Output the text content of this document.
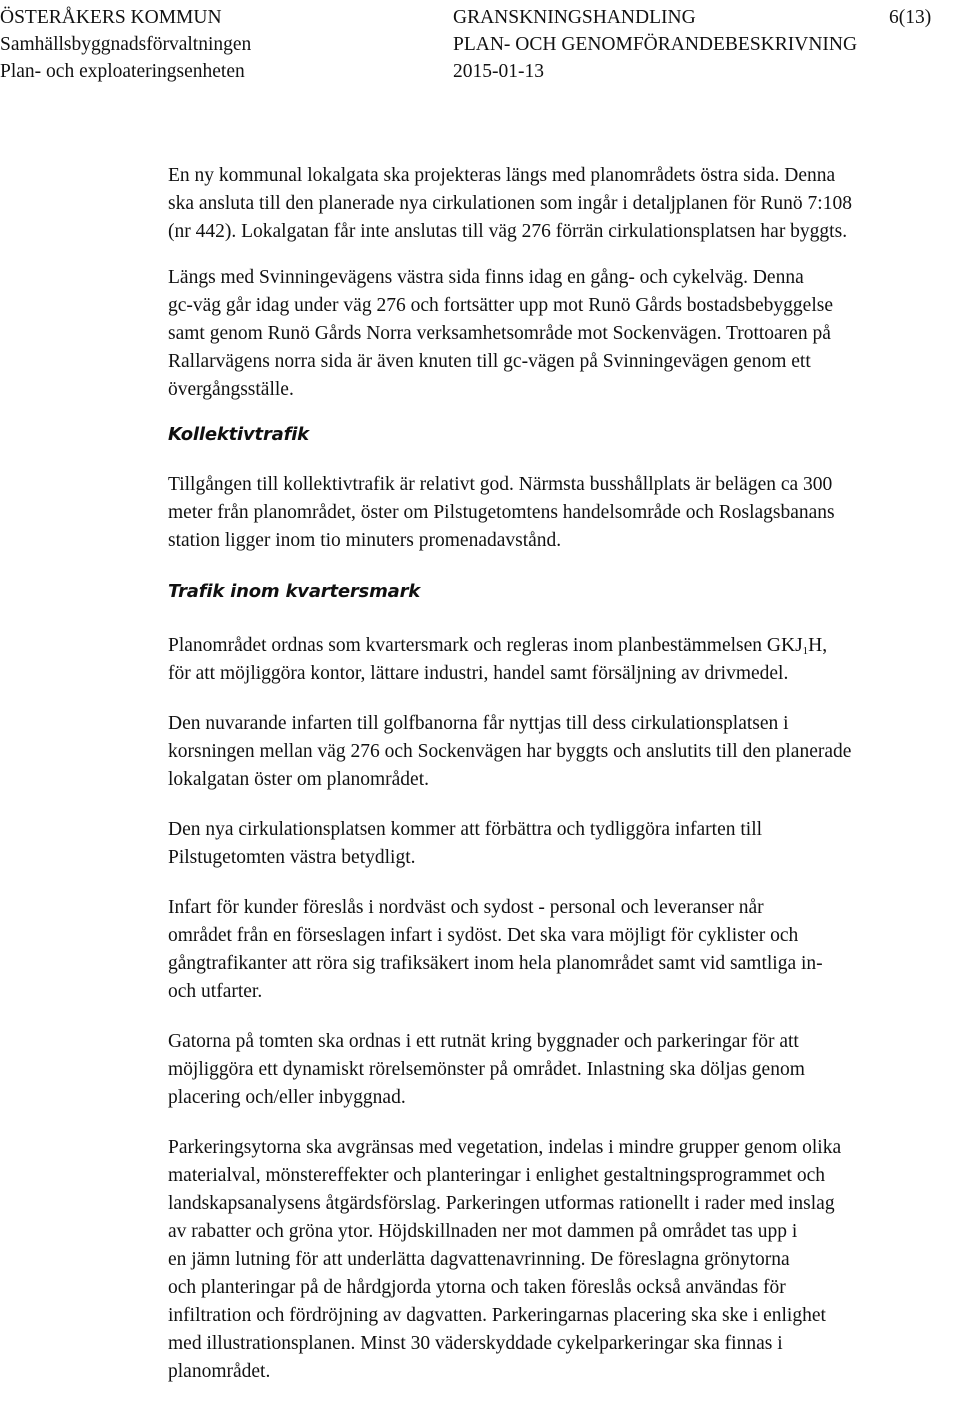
ÖSTERÅKERS KOMMUN
Samhällsbyggnadsförvaltningen
Plan- och exploateringsenheten
GRANSKNINGSHANDLING
PLAN- OCH GENOMFÖRANDEBESKRIVNING
2015-01-13
6(13)

En ny kommunal lokalgata ska projekteras längs med planområdets östra sida. Denna
ska ansluta till den planerade nya cirkulationen som ingår i detaljplanen för Runö 7:108
(nr 442). Lokalgatan får inte anslutas till väg 276 förrän cirkulationsplatsen har byggts.

Längs med Svinningevägens västra sida finns idag en gång- och cykelväg. Denna
gc-väg går idag under väg 276 och fortsätter upp mot Runö Gårds bostadsbebyggelse
samt genom Runö Gårds Norra verksamhetsområde mot Sockenvägen. Trottoaren på
Rallarvägens norra sida är även knuten till gc-vägen på Svinningevägen genom ett
övergångsställe.

Kollektivtrafik

Tillgången till kollektivtrafik är relativt god. Närmsta busshållplats är belägen ca 300
meter från planområdet, öster om Pilstugetomtens handelsområde och Roslagsbanans
station ligger inom tio minuters promenadavstånd.

Trafik inom kvartersmark

Planområdet ordnas som kvartersmark och regleras inom planbestämmelsen $GKJ_1H$,
för att möjliggöra kontor, lättare industri, handel samt försäljning av drivmedel.

Den nuvarande infarten till golfbanorna får nyttjas till dess cirkulationsplatsen i
korsningen mellan väg 276 och Sockenvägen har byggts och anslutits till den planerade
lokalgatan öster om planområdet.

Den nya cirkulationsplatsen kommer att förbättra och tydliggöra infarten till
Pilstugetomten västra betydligt.

Infart för kunder föreslås i nordväst och sydost - personal och leveranser når
området från en förseslagen infart i sydöst. Det ska vara möjligt för cyklister och
gångtrafikanter att röra sig trafiksäkert inom hela planområdet samt vid samtliga in-
och utfarter.

Gatorna på tomten ska ordnas i ett rutnät kring byggnader och parkeringar för att
möjliggöra ett dynamiskt rörelsemönster på området. Inlastning ska döljas genom
placering och/eller inbyggnad.

Parkeringsytorna ska avgränsas med vegetation, indelas i mindre grupper genom olika
materialval, mönstereffekter och planteringar i enlighet gestaltningsprogrammet och
landskapsanalysens åtgärdsförslag. Parkeringen utformas rationellt i rader med inslag
av rabatter och gröna ytor. Höjdskillnaden ner mot dammen på området tas upp i
en jämn lutning för att underlätta dagvattenavrinning. De föreslagna grönytorna
och planteringar på de hårdgjorda ytorna och taken föreslås också användas för
infiltration och fördröjning av dagvatten. Parkeringarnas placering ska ske i enlighet
med illustrationsplanen. Minst 30 väderskyddade cykelparkeringar ska finnas i
planområdet.
